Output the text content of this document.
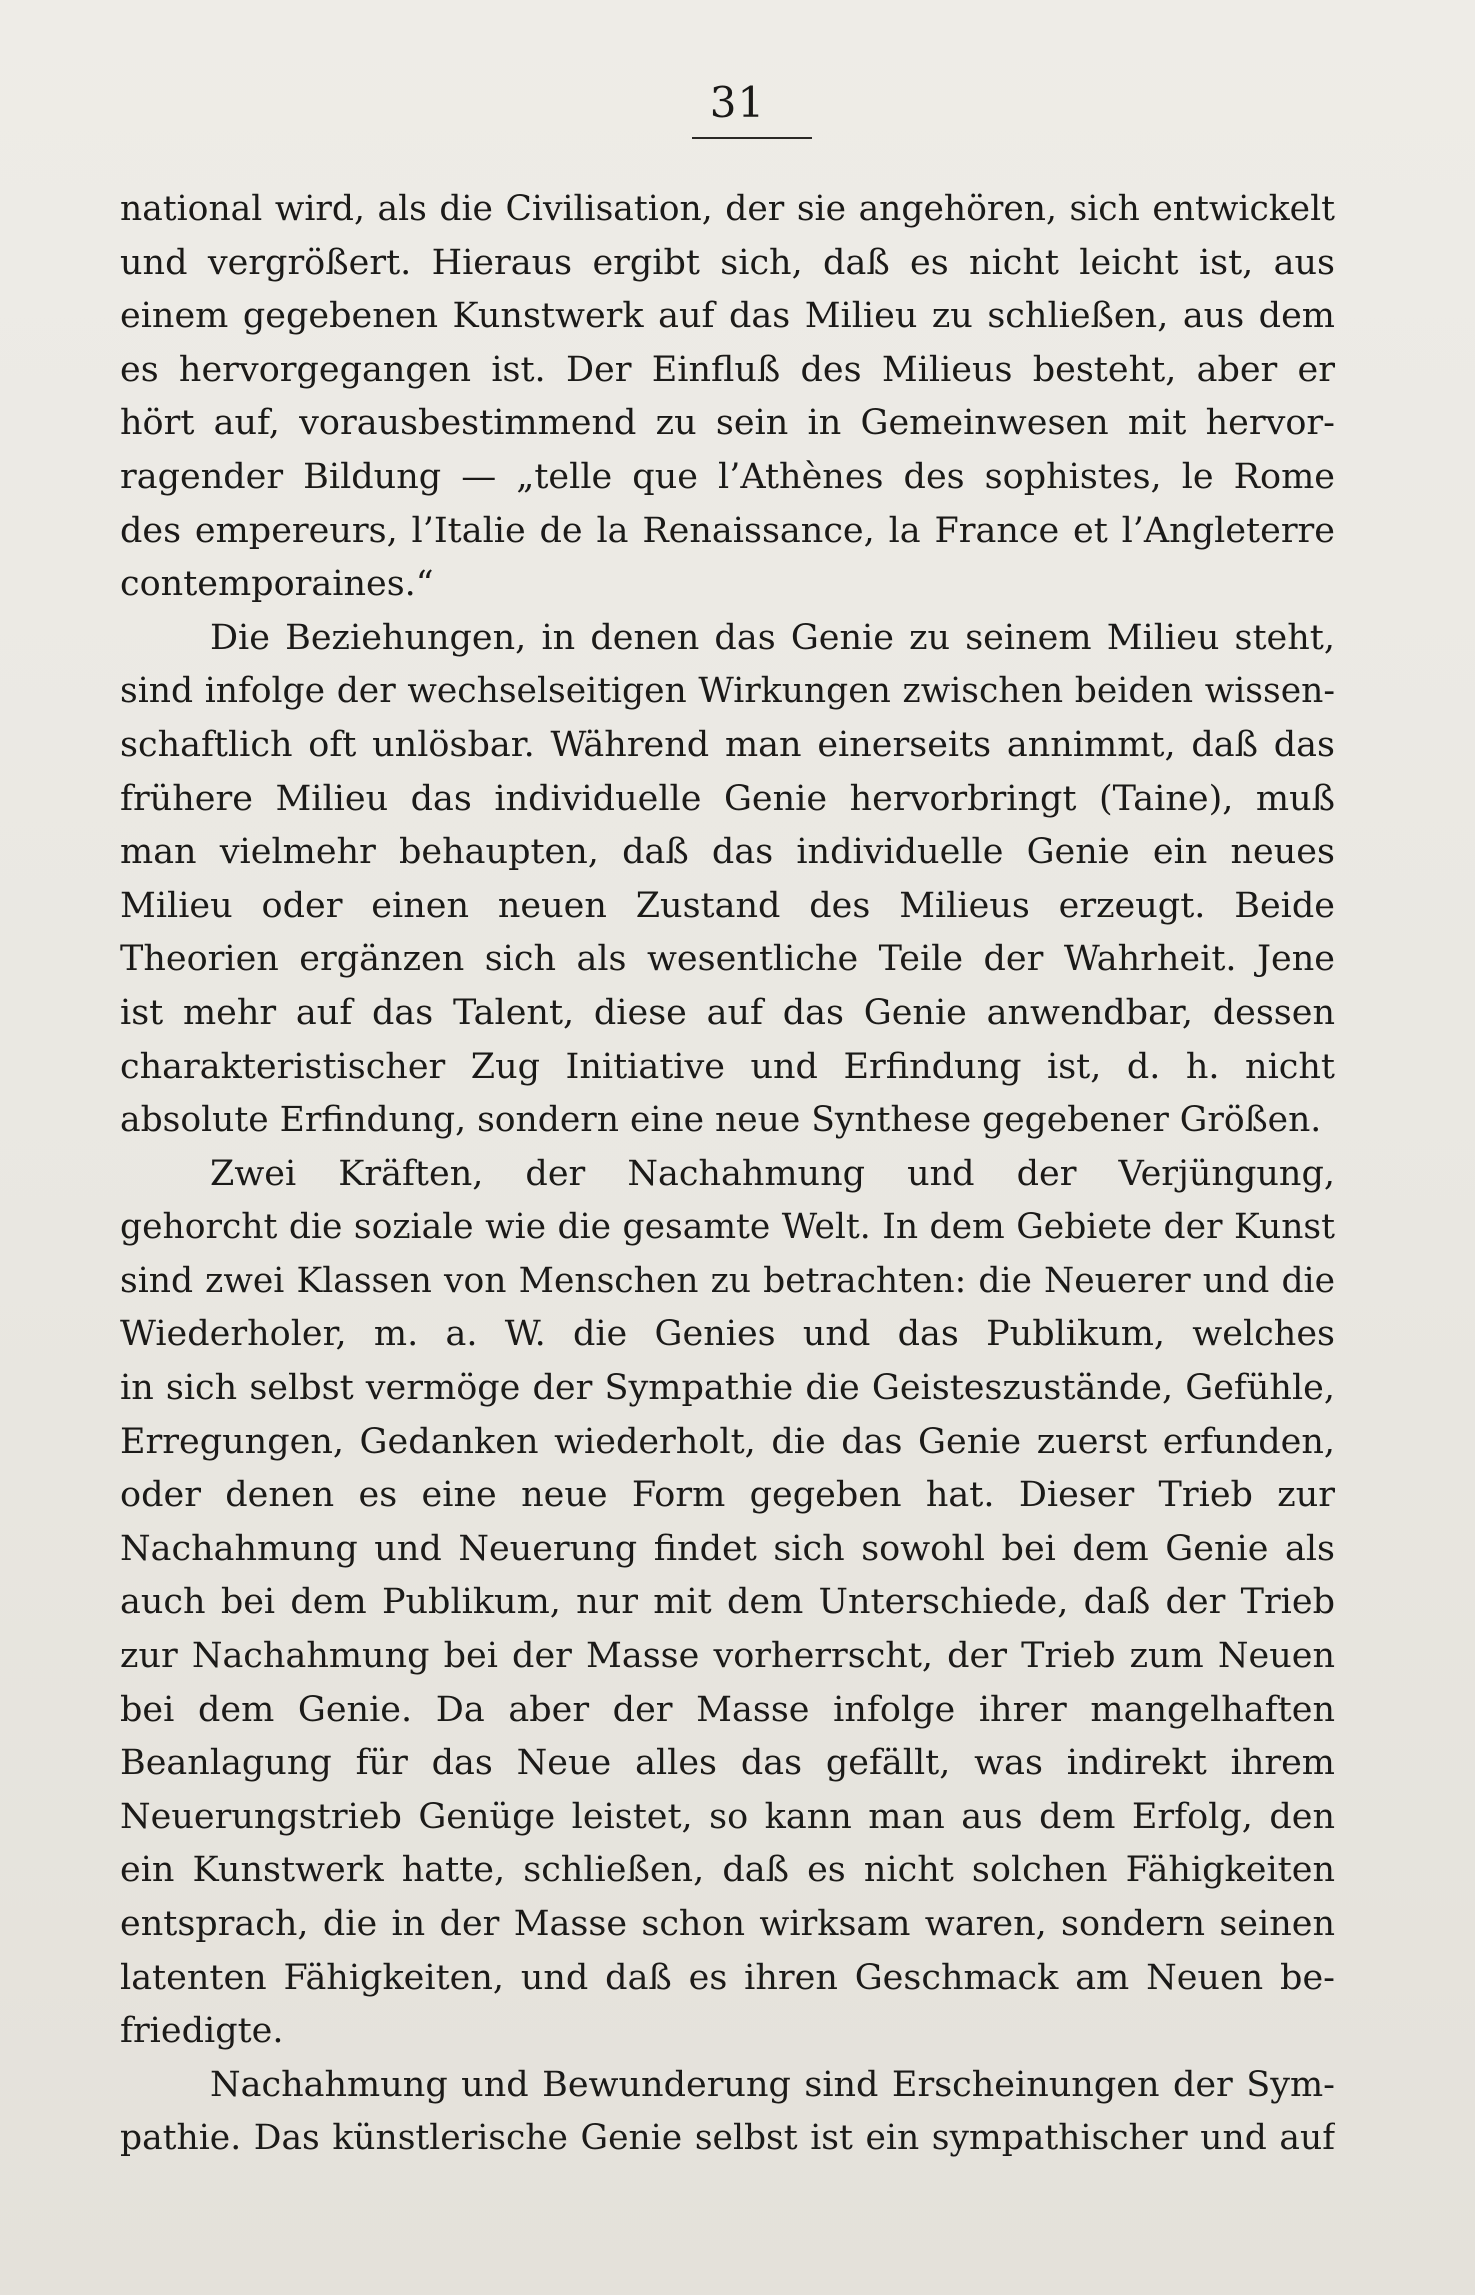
31
national wird, als die Civilisation, der sie angehören, sich entwickelt
und vergrößert. Hieraus ergibt sich, daß es nicht leicht ist, aus
einem gegebenen Kunstwerk auf das Milieu zu schließen, aus dem
es hervorgegangen ist. Der Einfluß des Milieus besteht, aber er
hört auf, vorausbestimmend zu sein in Gemeinwesen mit hervor-
ragender Bildung — „telle que l’Athènes des sophistes, le Rome
des empereurs, l’Italie de la Renaissance, la France et l’Angleterre
contemporaines.“
Die Beziehungen, in denen das Genie zu seinem Milieu steht,
sind infolge der wechselseitigen Wirkungen zwischen beiden wissen-
schaftlich oft unlösbar. Während man einerseits annimmt, daß das
frühere Milieu das individuelle Genie hervorbringt (Taine), muß
man vielmehr behaupten, daß das individuelle Genie ein neues
Milieu oder einen neuen Zustand des Milieus erzeugt. Beide
Theorien ergänzen sich als wesentliche Teile der Wahrheit. Jene
ist mehr auf das Talent, diese auf das Genie anwendbar, dessen
charakteristischer Zug Initiative und Erfindung ist, d. h. nicht
absolute Erfindung, sondern eine neue Synthese gegebener Größen.
Zwei Kräften, der Nachahmung und der Verjüngung,
gehorcht die soziale wie die gesamte Welt. In dem Gebiete der Kunst
sind zwei Klassen von Menschen zu betrachten: die Neuerer und die
Wiederholer, m. a. W. die Genies und das Publikum, welches
in sich selbst vermöge der Sympathie die Geisteszustände, Gefühle,
Erregungen, Gedanken wiederholt, die das Genie zuerst erfunden,
oder denen es eine neue Form gegeben hat. Dieser Trieb zur
Nachahmung und Neuerung findet sich sowohl bei dem Genie als
auch bei dem Publikum, nur mit dem Unterschiede, daß der Trieb
zur Nachahmung bei der Masse vorherrscht, der Trieb zum Neuen
bei dem Genie. Da aber der Masse infolge ihrer mangelhaften
Beanlagung für das Neue alles das gefällt, was indirekt ihrem
Neuerungstrieb Genüge leistet, so kann man aus dem Erfolg, den
ein Kunstwerk hatte, schließen, daß es nicht solchen Fähigkeiten
entsprach, die in der Masse schon wirksam waren, sondern seinen
latenten Fähigkeiten, und daß es ihren Geschmack am Neuen be-
friedigte.
Nachahmung und Bewunderung sind Erscheinungen der Sym-
pathie. Das künstlerische Genie selbst ist ein sympathischer und auf
